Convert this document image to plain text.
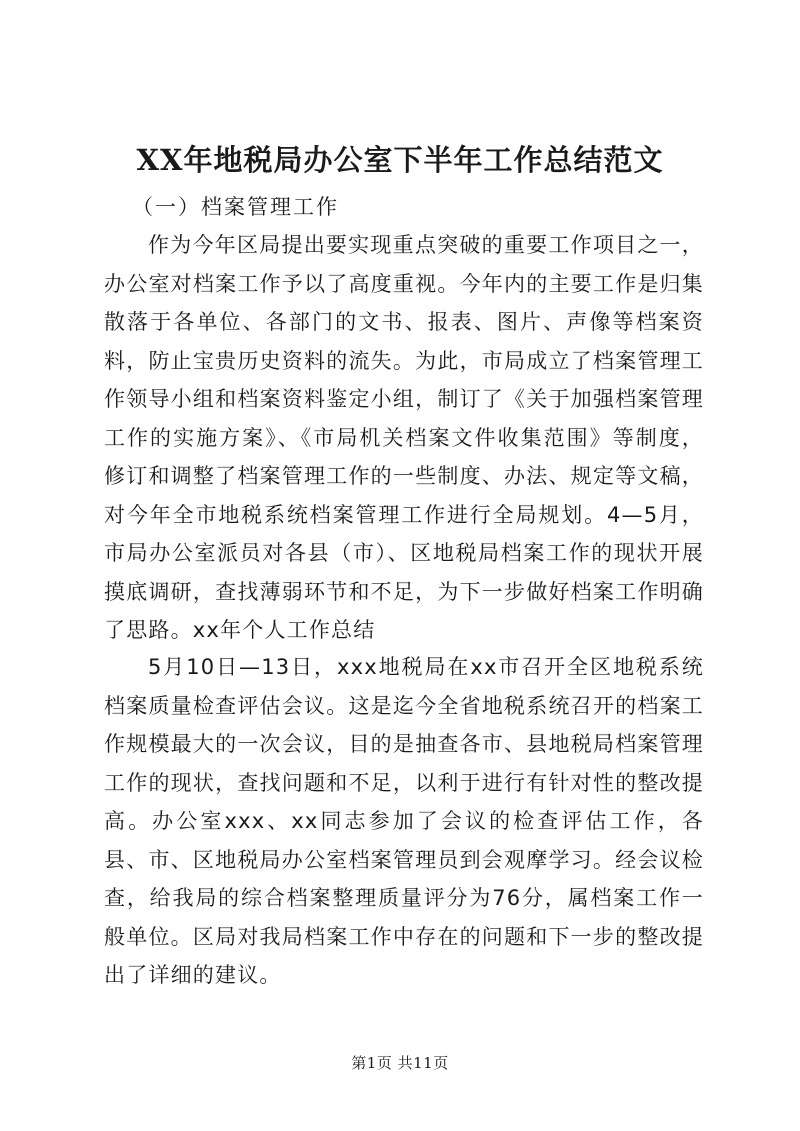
XX年地税局办公室下半年工作总结范文
（一）档案管理工作
作为今年区局提出要实现重点突破的重要工作项目之一，办公室对档案工作予以了高度重视。今年内的主要工作是归集散落于各单位、各部门的文书、报表、图片、声像等档案资料，防止宝贵历史资料的流失。为此，市局成立了档案管理工作领导小组和档案资料鉴定小组，制订了《关于加强档案管理工作的实施方案》、《市局机关档案文件收集范围》等制度，修订和调整了档案管理工作的一些制度、办法、规定等文稿，对今年全市地税系统档案管理工作进行全局规划。4—5月，市局办公室派员对各县（市）、区地税局档案工作的现状开展摸底调研，查找薄弱环节和不足，为下一步做好档案工作明确了思路。xx年个人工作总结
5月10日—13日，xxx地税局在xx市召开全区地税系统档案质量检查评估会议。这是迄今全省地税系统召开的档案工作规模最大的一次会议，目的是抽查各市、县地税局档案管理工作的现状，查找问题和不足，以利于进行有针对性的整改提高。办公室xxx、xx同志参加了会议的检查评估工作，各县、市、区地税局办公室档案管理员到会观摩学习。经会议检查，给我局的综合档案整理质量评分为76分，属档案工作一般单位。区局对我局档案工作中存在的问题和下一步的整改提出了详细的建议。
第1页 共11页
